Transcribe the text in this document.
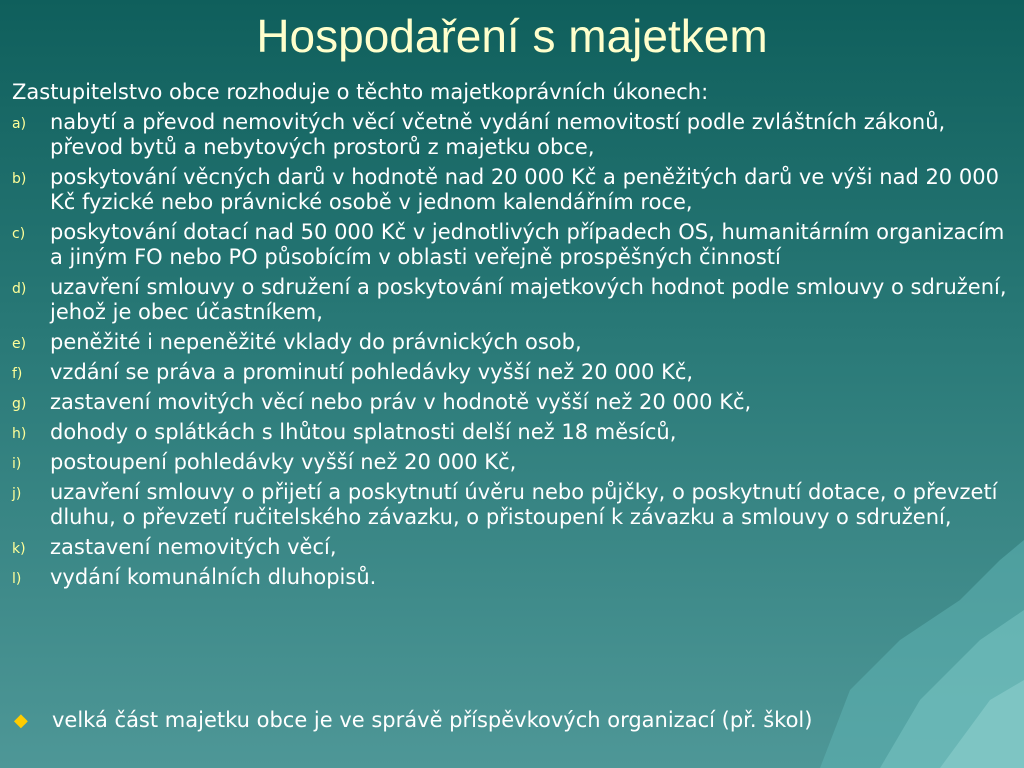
Hospodaření s majetkem

Zastupitelstvo obce rozhoduje o těchto majetkoprávních úkonech:

a)	nabytí a převod nemovitých věcí včetně vydání nemovitostí podle zvláštních zákonů, převod bytů a nebytových prostorů z majetku obce,
b)	poskytování věcných darů v hodnotě nad 20 000 Kč a peněžitých darů ve výši nad 20 000 Kč fyzické nebo právnické osobě v jednom kalendářním roce,
c)	poskytování dotací nad 50 000 Kč v jednotlivých případech OS, humanitárním organizacím a jiným FO nebo PO působícím v oblasti veřejně prospěšných činností
d)	uzavření smlouvy o sdružení a poskytování majetkových hodnot podle smlouvy o sdružení, jehož je obec účastníkem,
e)	peněžité i nepeněžité vklady do právnických osob,
f)	vzdání se práva a prominutí pohledávky vyšší než 20 000 Kč,
g)	zastavení movitých věcí nebo práv v hodnotě vyšší než 20 000 Kč,
h)	dohody o splátkách s lhůtou splatnosti delší než 18 měsíců,
i)	postoupení pohledávky vyšší než 20 000 Kč,
j)	uzavření smlouvy o přijetí a poskytnutí úvěru nebo půjčky, o poskytnutí dotace, o převzetí dluhu, o převzetí ručitelského závazku, o přistoupení k závazku a smlouvy o sdružení,
k)	zastavení nemovitých věcí,
l)	vydání komunálních dluhopisů.
◆	velká část majetku obce je ve správě příspěvkových organizací (př. škol)
